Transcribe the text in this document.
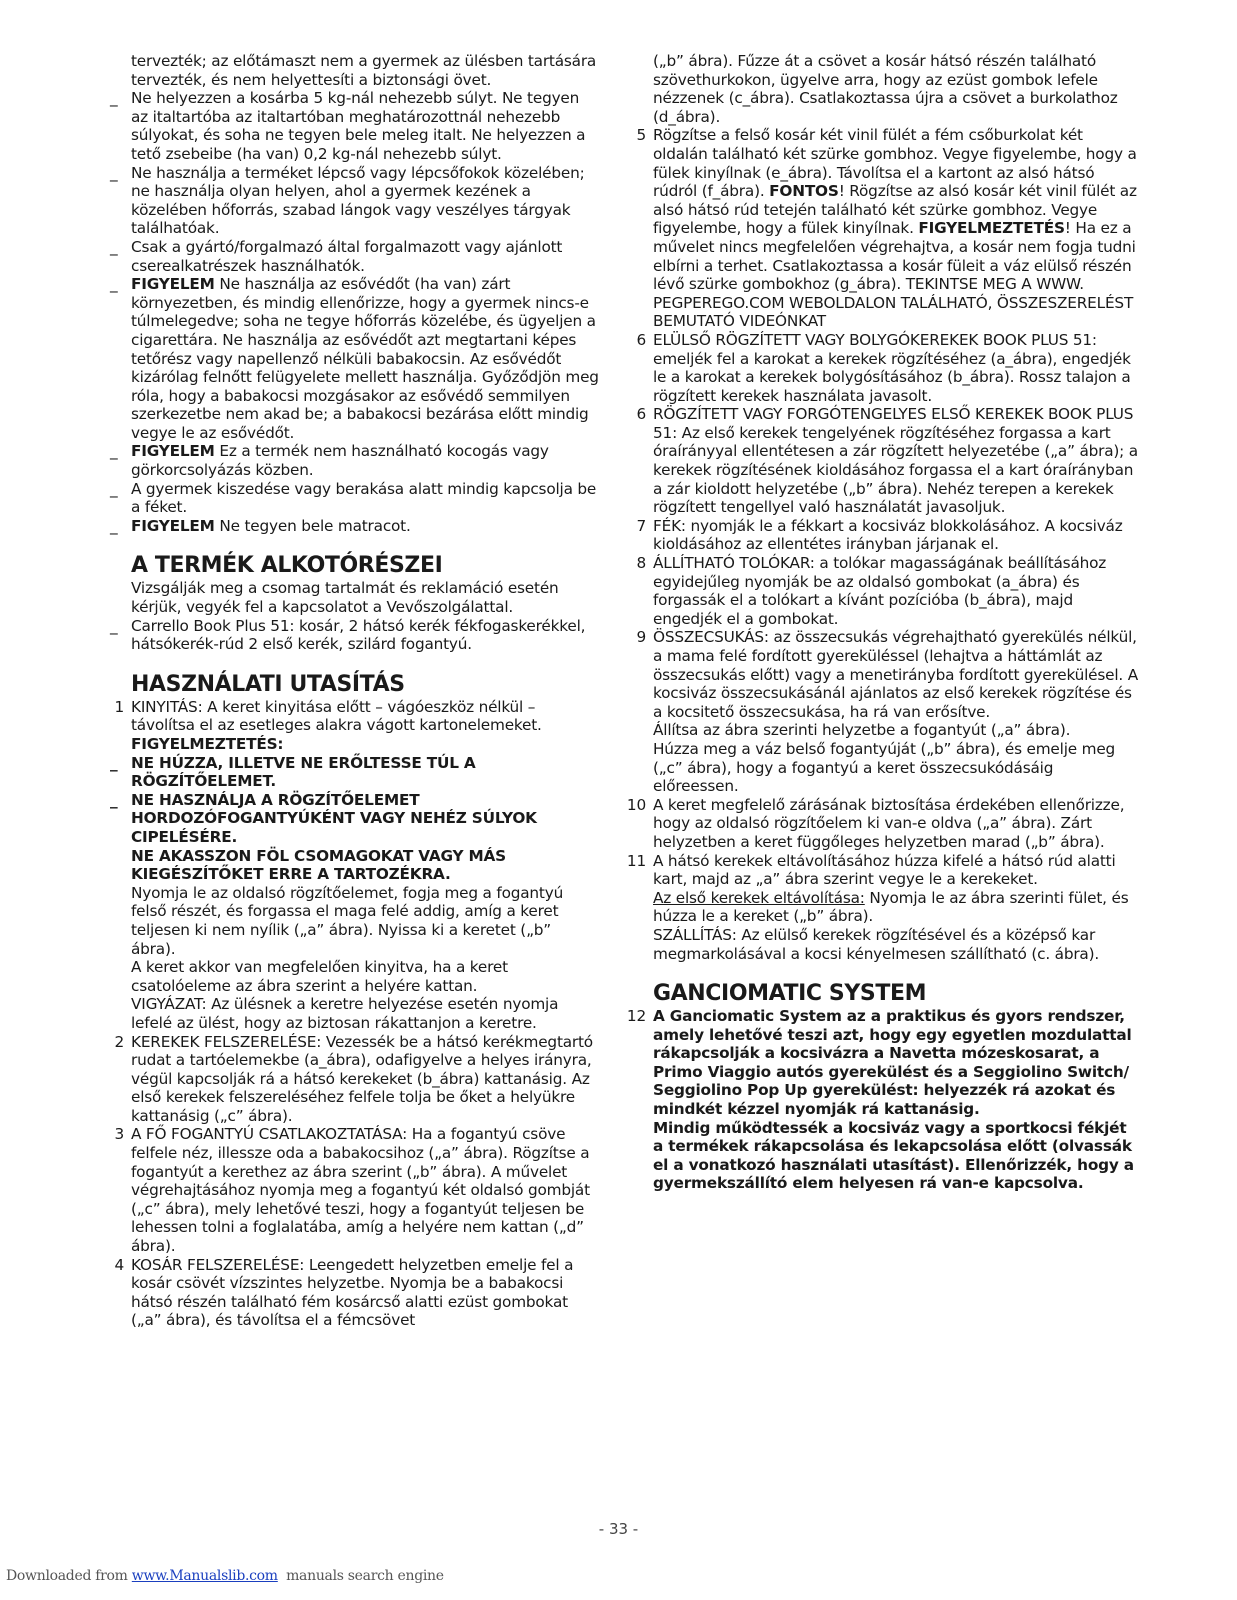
tervezték; az előtámaszt nem a gyermek az ülésben tartására tervezték, és nem helyettesíti a biztonsági övet.

_ Ne helyezzen a kosárba 5 kg-nál nehezebb súlyt. Ne tegyen az italtartóba az italtartóban meghatározottnál nehezebb súlyokat, és soha ne tegyen bele meleg italt. Ne helyezzen a tető zsebeibe (ha van) 0,2 kg-nál nehezebb súlyt.
_ Ne használja a terméket lépcső vagy lépcsőfokok közelében; ne használja olyan helyen, ahol a gyermek kezének a közelében hőforrás, szabad lángok vagy veszélyes tárgyak találhatóak.
_ Csak a gyártó/forgalmazó által forgalmazott vagy ajánlott cserealkatrészek használhatók.
_ FIGYELEM Ne használja az esővédőt (ha van) zárt környezetben, és mindig ellenőrizze, hogy a gyermek nincs-e túlmelegedve; soha ne tegye hőforrás közelébe, és ügyeljen a cigarettára. Ne használja az esővédőt azt megtartani képes tetőrész vagy napellenző nélküli babakocsin. Az esővédőt kizárólag felnőtt felügyelete mellett használja. Győződjön meg róla, hogy a babakocsi mozgásakor az esővédő semmilyen szerkezetbe nem akad be; a babakocsi bezárása előtt mindig vegye le az esővédőt.
_ FIGYELEM Ez a termék nem használható kocogás vagy görkorcsolyázás közben.
_ A gyermek kiszedése vagy berakása alatt mindig kapcsolja be a féket.
_ FIGYELEM Ne tegyen bele matracot.
A TERMÉK ALKOTÓRÉSZEI

Vizsgálják meg a csomag tartalmát és reklamáció esetén kérjük, vegyék fel a kapcsolatot a Vevőszolgálattal.

_ Carrello Book Plus 51: kosár, 2 hátsó kerék fékfogaskerékkel, hátsókerék-rúd 2 első kerék, szilárd fogantyú.
HASZNÁLATI UTASÍTÁS
1 KINYITÁS: A keret kinyitása előtt – vágóeszköz nélkül – távolítsa el az esetleges alakra vágott kartonelemeket.
FIGYELMEZTETÉS:
_ NE HÚZZA, ILLETVE NE ERŐLTESSE TÚL A RÖGZÍTŐELEMET.
_ NE HASZNÁLJA A RÖGZÍTŐELEMET HORDOZÓFOGANTYÚKÉNT VAGY NEHÉZ SÚLYOK CIPELÉSÉRE.
NE AKASSZON FÖL CSOMAGOKAT VAGY MÁS KIEGÉSZÍTŐKET ERRE A TARTOZÉKRA.

Nyomja le az oldalsó rögzítőelemet, fogja meg a fogantyú felső részét, és forgassa el maga felé addig, amíg a keret teljesen ki nem nyílik („a” ábra). Nyissa ki a keretet („b” ábra).

A keret akkor van megfelelően kinyitva, ha a keret csatolóeleme az ábra szerint a helyére kattan.

VIGYÁZAT: Az ülésnek a keretre helyezése esetén nyomja lefelé az ülést, hogy az biztosan rákattanjon a keretre.

2 KEREKEK FELSZERELÉSE: Vezessék be a hátsó kerékmegtartó rudat a tartóelemekbe (a_ábra), odafigyelve a helyes irányra, végül kapcsolják rá a hátsó kerekeket (b_ábra) kattanásig. Az első kerekek felszereléséhez felfele tolja be őket a helyükre kattanásig („c” ábra).
3 A FŐ FOGANTYÚ CSATLAKOZTATÁSA: Ha a fogantyú csöve felfele néz, illessze oda a babakocsihoz („a” ábra). Rögzítse a fogantyút a kerethez az ábra szerint („b” ábra). A művelet végrehajtásához nyomja meg a fogantyú két oldalsó gombját („c” ábra), mely lehetővé teszi, hogy a fogantyút teljesen be lehessen tolni a foglalatába, amíg a helyére nem kattan („d” ábra).
4 KOSÁR FELSZERELÉSE: Leengedett helyzetben emelje fel a kosár csövét vízszintes helyzetbe. Nyomja be a babakocsi hátsó részén található fém kosárcső alatti ezüst gombokat („a” ábra), és távolítsa el a fémcsövet

(„b” ábra). Fűzze át a csövet a kosár hátsó részén található szövethurkokon, ügyelve arra, hogy az ezüst gombok lefele nézzenek (c_ábra). Csatlakoztassa újra a csövet a burkolathoz (d_ábra).

5 Rögzítse a felső kosár két vinil fülét a fém csőburkolat két oldalán található két szürke gombhoz. Vegye figyelembe, hogy a fülek kinyílnak (e_ábra). Távolítsa el a kartont az alsó hátsó rúdról (f_ábra). FONTOS! Rögzítse az alsó kosár két vinil fülét az alsó hátsó rúd tetején található két szürke gombhoz. Vegye figyelembe, hogy a fülek kinyílnak. FIGYELMEZTETÉS! Ha ez a művelet nincs megfelelően végrehajtva, a kosár nem fogja tudni elbírni a terhet. Csatlakoztassa a kosár füleit a váz elülső részén lévő szürke gombokhoz (g_ábra). TEKINTSE MEG A WWW. PEGPEREGO.COM WEBOLDALON TALÁLHATÓ, ÖSSZESZERELÉST BEMUTATÓ VIDEÓNKAT
6 ELÜLSŐ RÖGZÍTETT VAGY BOLYGÓKEREKEK BOOK PLUS 51: emeljék fel a karokat a kerekek rögzítéséhez (a_ábra), engedjék le a karokat a kerekek bolygósításához (b_ábra). Rossz talajon a rögzített kerekek használata javasolt.
6 RÖGZÍTETT VAGY FORGÓTENGELYES ELSŐ KEREKEK BOOK PLUS 51: Az első kerekek tengelyének rögzítéséhez forgassa a kart óraírányyal ellentétesen a zár rögzített helyezetébe („a” ábra); a kerekek rögzítésének kioldásához forgassa el a kart óraírányban a zár kioldott helyzetébe („b” ábra). Nehéz terepen a kerekek rögzített tengellyel való használatát javasoljuk.
7 FÉK: nyomják le a fékkart a kocsiváz blokkolásához. A kocsiváz kioldásához az ellentétes irányban járjanak el.
8 ÁLLÍTHATÓ TOLÓKAR: a tolókar magasságának beállításához egyidejűleg nyomják be az oldalsó gombokat (a_ábra) és forgassák el a tolókart a kívánt pozícióba (b_ábra), majd engedjék el a gombokat.
9 ÖSSZECSUKÁS: az összecsukás végrehajtható gyerekülés nélkül, a mama felé fordított gyereküléssel (lehajtva a háttámlát az összecsukás előtt) vagy a menetirányba fordított gyerekülésel. A kocsiváz összecsukásánál ajánlatos az első kerekek rögzítése és a kocsitető összecsukása, ha rá van erősítve.

Állítsa az ábra szerinti helyzetbe a fogantyút („a” ábra).

Húzza meg a váz belső fogantyúját („b” ábra), és emelje meg („c” ábra), hogy a fogantyú a keret összecsukódásáig előreessen.

10 A keret megfelelő zárásának biztosítása érdekében ellenőrizze, hogy az oldalsó rögzítőelem ki van-e oldva („a” ábra). Zárt helyzetben a keret függőleges helyzetben marad („b” ábra).
11 A hátsó kerekek eltávolításához húzza kifelé a hátsó rúd alatti kart, majd az „a” ábra szerint vegye le a kerekeket.

Az első kerekek eltávolítása: Nyomja le az ábra szerinti fület, és húzza le a kereket („b” ábra).

SZÁLLÍTÁS: Az elülső kerekek rögzítésével és a középső kar megmarkolásával a kocsi kényelmesen szállítható (c. ábra).

GANCIOMATIC SYSTEM
12 A Ganciomatic System az a praktikus és gyors rendszer, amely lehetővé teszi azt, hogy egy egyetlen mozdulattal rákapcsolják a kocsivázra a Navetta mózeskosarat, a Primo Viaggio autós gyerekülést és a Seggiolino Switch/ Seggiolino Pop Up gyerekülést: helyezzék rá azokat és mindkét kézzel nyomják rá kattanásig.

Mindig működtessék a kocsiváz vagy a sportkocsi fékjét a termékek rákapcsolása és lekapcsolása előtt (olvassák el a vonatkozó használati utasítást). Ellenőrizzék, hogy a gyermekszállító elem helyesen rá van-e kapcsolva.

- 33 -
Downloaded from www.Manualslib.com  manuals search engine
